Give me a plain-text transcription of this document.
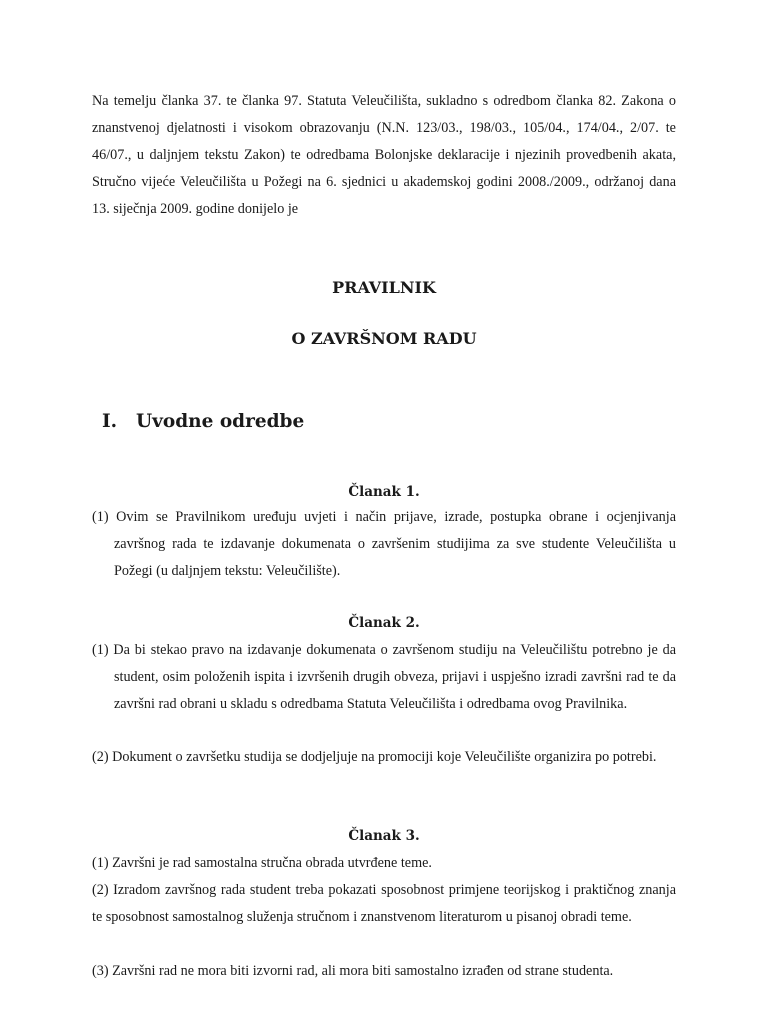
Na temelju članka 37. te članka 97. Statuta Veleučilišta, sukladno s odredbom članka 82. Zakona o znanstvenoj djelatnosti i visokom obrazovanju (N.N. 123/03., 198/03., 105/04., 174/04., 2/07. te 46/07., u daljnjem tekstu Zakon) te odredbama Bolonjske deklaracije i njezinih provedbenih akata, Stručno vijeće Veleučilišta u Požegi na 6. sjednici u akademskoj godini 2008./2009., održanoj dana 13. siječnja 2009. godine donijelo je

PRAVILNIK
O ZAVRŠNOM RADU
I. Uvodne odredbe
Članak 1.

(1) Ovim se Pravilnikom uređuju uvjeti i način prijave, izrade, postupka obrane i ocjenjivanja završnog rada te izdavanje dokumenata o završenim studijima za sve studente Veleučilišta u Požegi (u daljnjem tekstu: Veleučilište).

Članak 2.

(1) Da bi stekao pravo na izdavanje dokumenata o završenom studiju na Veleučilištu potrebno je da student, osim položenih ispita i izvršenih drugih obveza, prijavi i uspješno izradi završni rad te da završni rad obrani u skladu s odredbama Statuta Veleučilišta i odredbama ovog Pravilnika.

(2) Dokument o završetku studija se dodjeljuje na promociji koje Veleučilište organizira po potrebi.

Članak 3.

(1) Završni je rad samostalna stručna obrada utvrđene teme.

(2) Izradom završnog rada student treba pokazati sposobnost primjene teorijskog i praktičnog znanja te sposobnost samostalnog služenja stručnom i znanstvenom literaturom u pisanoj obradi teme.

(3) Završni rad ne mora biti izvorni rad, ali mora biti samostalno izrađen od strane studenta.
